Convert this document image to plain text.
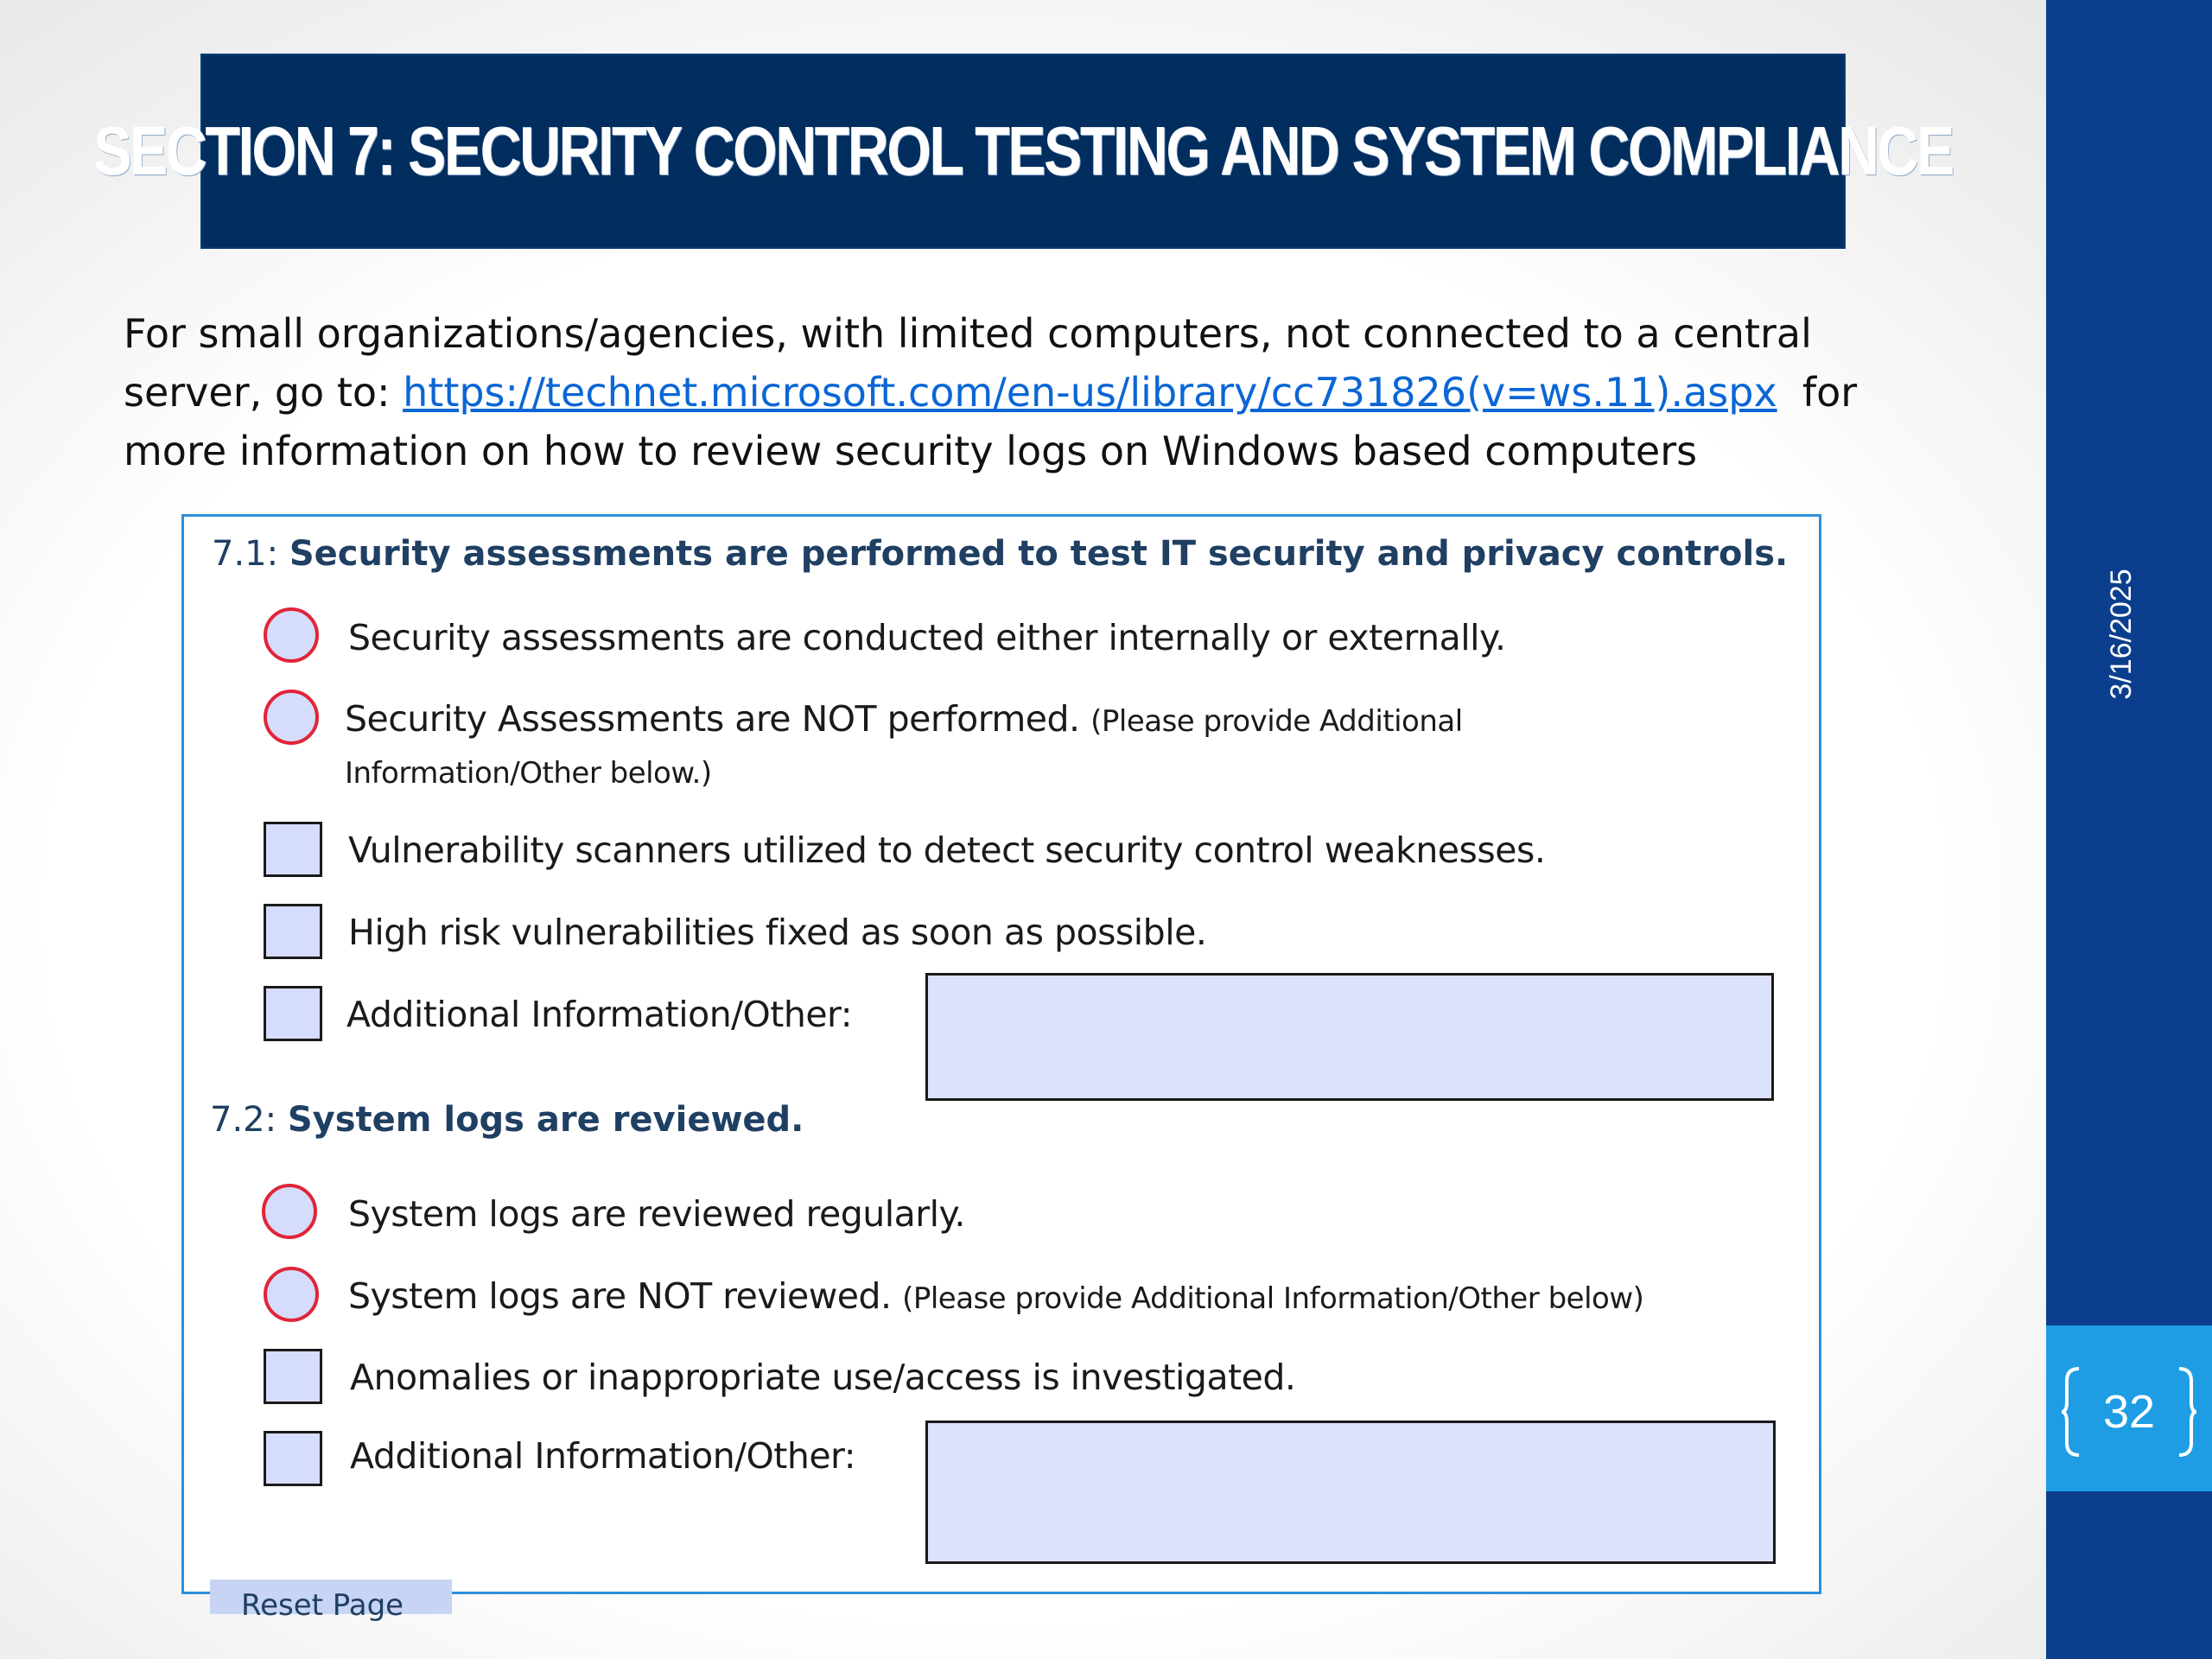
SECTION 7: SECURITY CONTROL TESTING AND SYSTEM COMPLIANCE
For small organizations/agencies, with limited computers, not connected to a central server, go to: https://technet.microsoft.com/en-us/library/cc731826(v=ws.11).aspx  for more information on how to review security logs on Windows based computers
7.1: Security assessments are performed to test IT security and privacy controls.
Security assessments are conducted either internally or externally.
Security Assessments are NOT performed. (Please provide Additional
Information/Other below.)
Vulnerability scanners utilized to detect security control weaknesses.
High risk vulnerabilities fixed as soon as possible.
Additional Information/Other:
7.2: System logs are reviewed.
System logs are reviewed regularly.
System logs are NOT reviewed. (Please provide Additional Information/Other below)
Anomalies or inappropriate use/access is investigated.
Additional Information/Other:
Reset Page
3/16/2025
32
